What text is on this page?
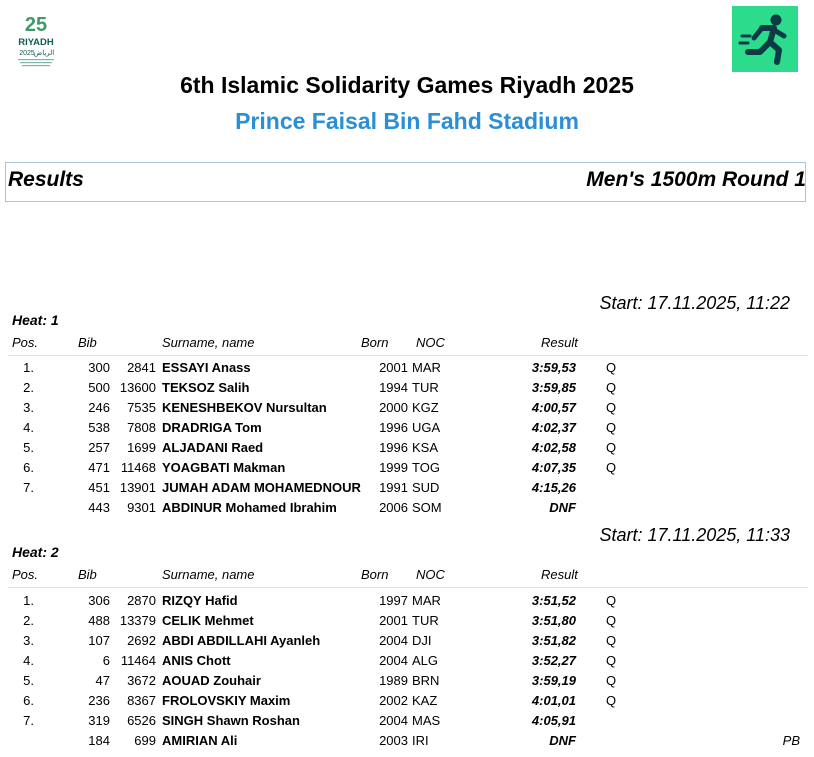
25
RIYADH
2025
الرياض
6th Islamic Solidarity Games Riyadh 2025
Prince Faisal Bin Fahd Stadium
Results	Men's 1500m Round 1
Start: 17.11.2025, 11:22
Heat: 1
Pos.	Bib	Surname, name	Born NOC	Result
1.	300 2841 ESSAYI Anass	2001 MAR	3:59,53 Q
2.	500 13600 TEKSOZ Salih	1994 TUR	3:59,85 Q
3.	246 7535 KENESHBEKOV Nursultan	2000 KGZ	4:00,57 Q
4.	538 7808 DRADRIGA Tom	1996 UGA	4:02,37 Q
5.	257 1699 ALJADANI Raed	1996 KSA	4:02,58 Q
6.	471 11468 YOAGBATI Makman	1999 TOG	4:07,35 Q
7.	451 13901 JUMAH ADAM MOHAMEDNOUR 1991 SUD	4:15,26
443 9301 ABDINUR Mohamed Ibrahim	2006 SOM	DNF
Start: 17.11.2025, 11:33
Heat: 2
Pos.	Bib	Surname, name	Born NOC	Result
1.	306 2870 RIZQY Hafid	1997 MAR	3:51,52 Q
2.	488 13379 CELIK Mehmet	2001 TUR	3:51,80 Q
3.	107 2692 ABDI ABDILLAHI Ayanleh	2004 DJI	3:51,82 Q
4.	6 11464 ANIS Chott	2004 ALG	3:52,27 Q
5.	47 3672 AOUAD Zouhair	1989 BRN	3:59,19 Q
6.	236 8367 FROLOVSKIY Maxim	2002 KAZ	4:01,01 Q
7.	319 6526 SINGH Shawn Roshan	2004 MAS	4:05,91
184 699 AMIRIAN Ali	2003 IRI	DNF	PB
